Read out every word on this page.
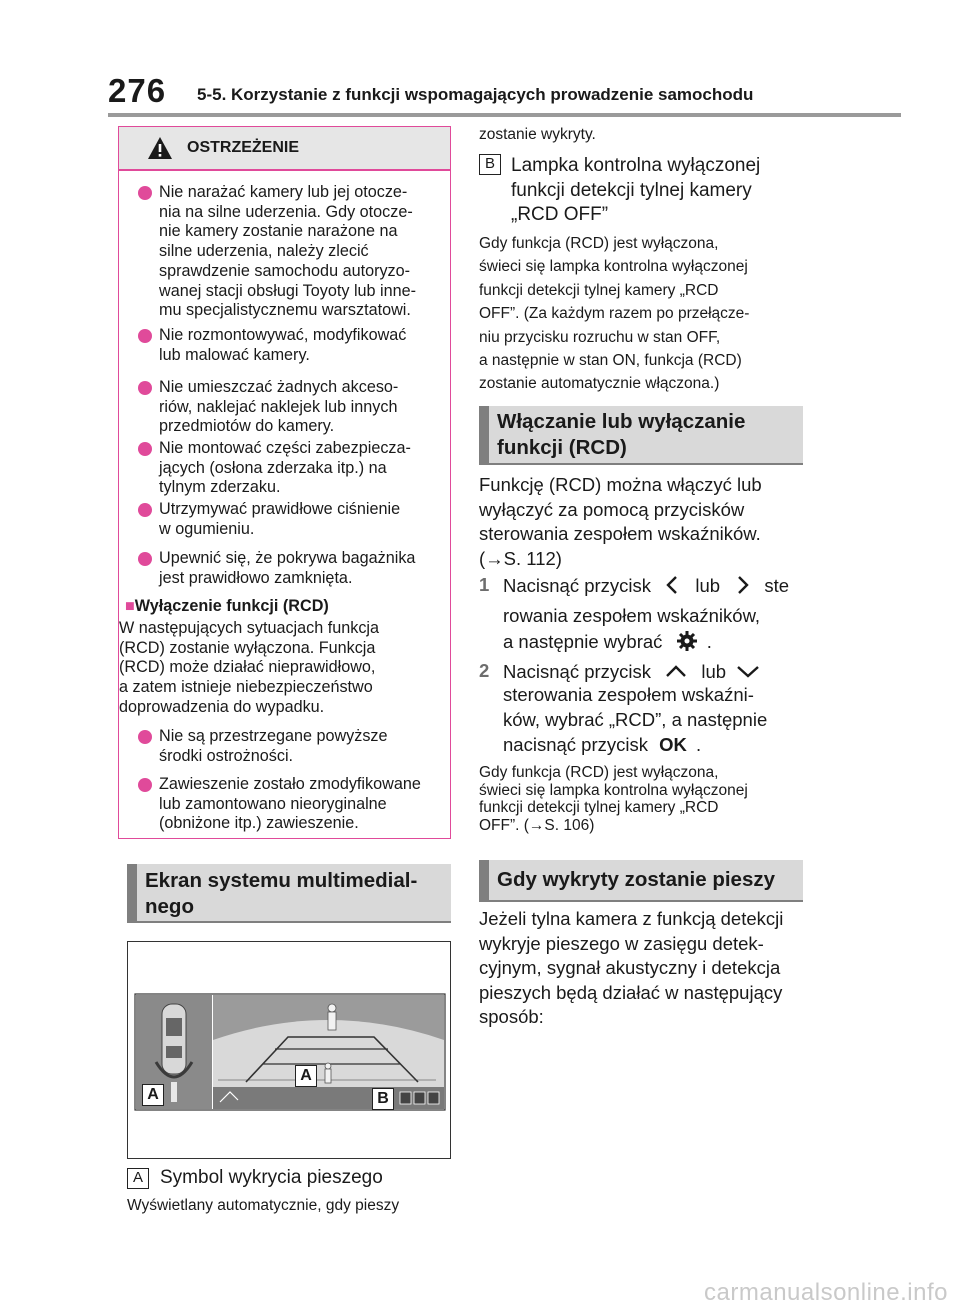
276 5-5. Korzystanie z funkcji wspomagających prowadzenie samochodu
OSTRZEŻENIE
Nie narażać kamery lub jej otocze-
nia na silne uderzenia. Gdy otocze-
nie kamery zostanie narażone na
silne uderzenia, należy zlecić
sprawdzenie samochodu autoryzo-
wanej stacji obsługi Toyoty lub inne-
mu specjalistycznemu warsztatowi.
Nie rozmontowywać, modyfikować
lub malować kamery.
Nie umieszczać żadnych akceso-
riów, naklejać naklejek lub innych
przedmiotów do kamery.
Nie montować części zabezpiecza-
jących (osłona zderzaka itp.) na
tylnym zderzaku.
Utrzymywać prawidłowe ciśnienie
w ogumieniu.
Upewnić się, że pokrywa bagażnika
jest prawidłowo zamknięta.
■Wyłączenie funkcji (RCD)
W następujących sytuacjach funkcja
(RCD) zostanie wyłączona. Funkcja
(RCD) może działać nieprawidłowo,
a zatem istnieje niebezpieczeństwo
doprowadzenia do wypadku.
Nie są przestrzegane powyższe
środki ostrożności.
Zawieszenie zostało zmodyfikowane
lub zamontowano nieoryginalne
(obniżone itp.) zawieszenie.
Ekran systemu multimedial-
nego
A
A
B
A Symbol wykrycia pieszego
Wyświetlany automatycznie, gdy pieszy
zostanie wykryty.
B Lampka kontrolna wyłączonej
funkcji detekcji tylnej kamery
„RCD OFF”
Gdy funkcja (RCD) jest wyłączona,
świeci się lampka kontrolna wyłączonej
funkcji detekcji tylnej kamery „RCD
OFF”. (Za każdym razem po przełącze-
niu przycisku rozruchu w stan OFF,
a następnie w stan ON, funkcja (RCD)
zostanie automatycznie włączona.)
Włączanie lub wyłączanie
funkcji (RCD)
Funkcję (RCD) można włączyć lub
wyłączyć za pomocą przycisków
sterowania zespołem wskaźników.
(→S. 112)
1 Nacisnąć przycisk lub ste
rowania zespołem wskaźników,
a następnie wybrać .
2 Nacisnąć przycisk	lub
sterowania zespołem wskaźni-
ków, wybrać „RCD”, a następnie
nacisnąć przycisk OK .
Gdy funkcja (RCD) jest wyłączona,
świeci się lampka kontrolna wyłączonej
funkcji detekcji tylnej kamery „RCD
OFF”. (→S. 106)
Gdy wykryty zostanie pieszy
Jeżeli tylna kamera z funkcją detekcji
wykryje pieszego w zasięgu detek-
cyjnym, sygnał akustyczny i detekcja
pieszych będą działać w następujący
sposób:
carmanualsonline.info
